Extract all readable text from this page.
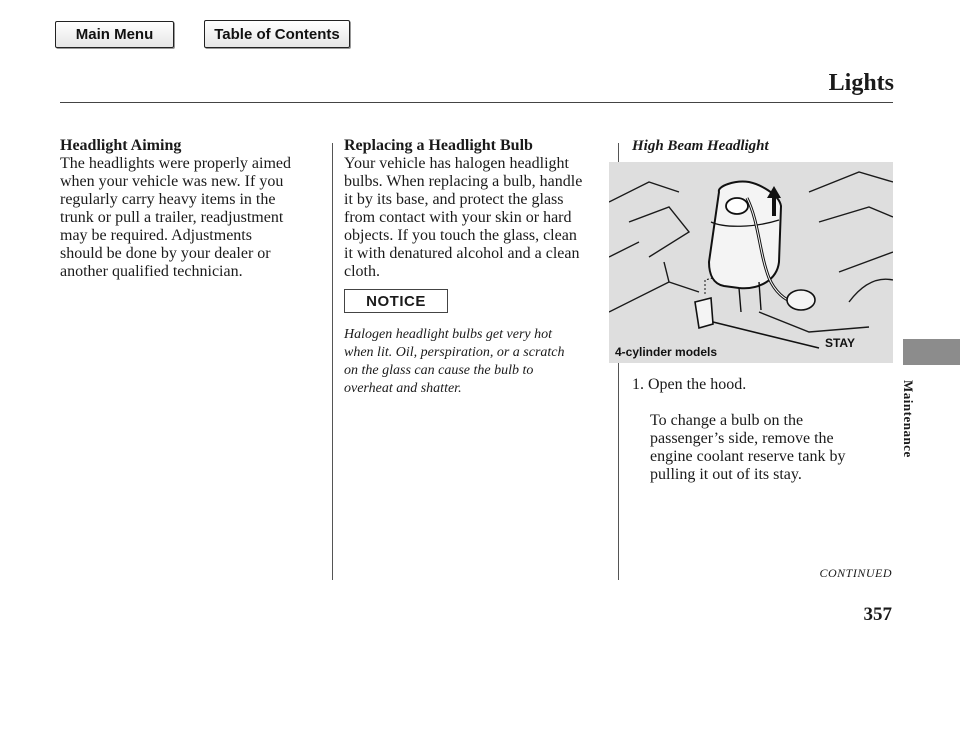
Main Menu	Table of Contents
Lights
Headlight Aiming

The headlights were properly aimed
when your vehicle was new. If you
regularly carry heavy items in the
trunk or pull a trailer, readjustment
may be required. Adjustments
should be done by your dealer or
another qualified technician.

Replacing a Headlight Bulb

Your vehicle has halogen headlight
bulbs. When replacing a bulb, handle
it by its base, and protect the glass
from contact with your skin or hard
objects. If you touch the glass, clean
it with denatured alcohol and a clean
cloth.

NOTICE

Halogen headlight bulbs get very hot
when lit. Oil, perspiration, or a scratch
on the glass can cause the bulb to
overheat and shatter.

High Beam Headlight
4-cylinder models
STAY

1. Open the hood.

To change a bulb on the
passenger’s side, remove the
engine coolant reserve tank by
pulling it out of its stay.

CONTINUED

357

Maintenance
